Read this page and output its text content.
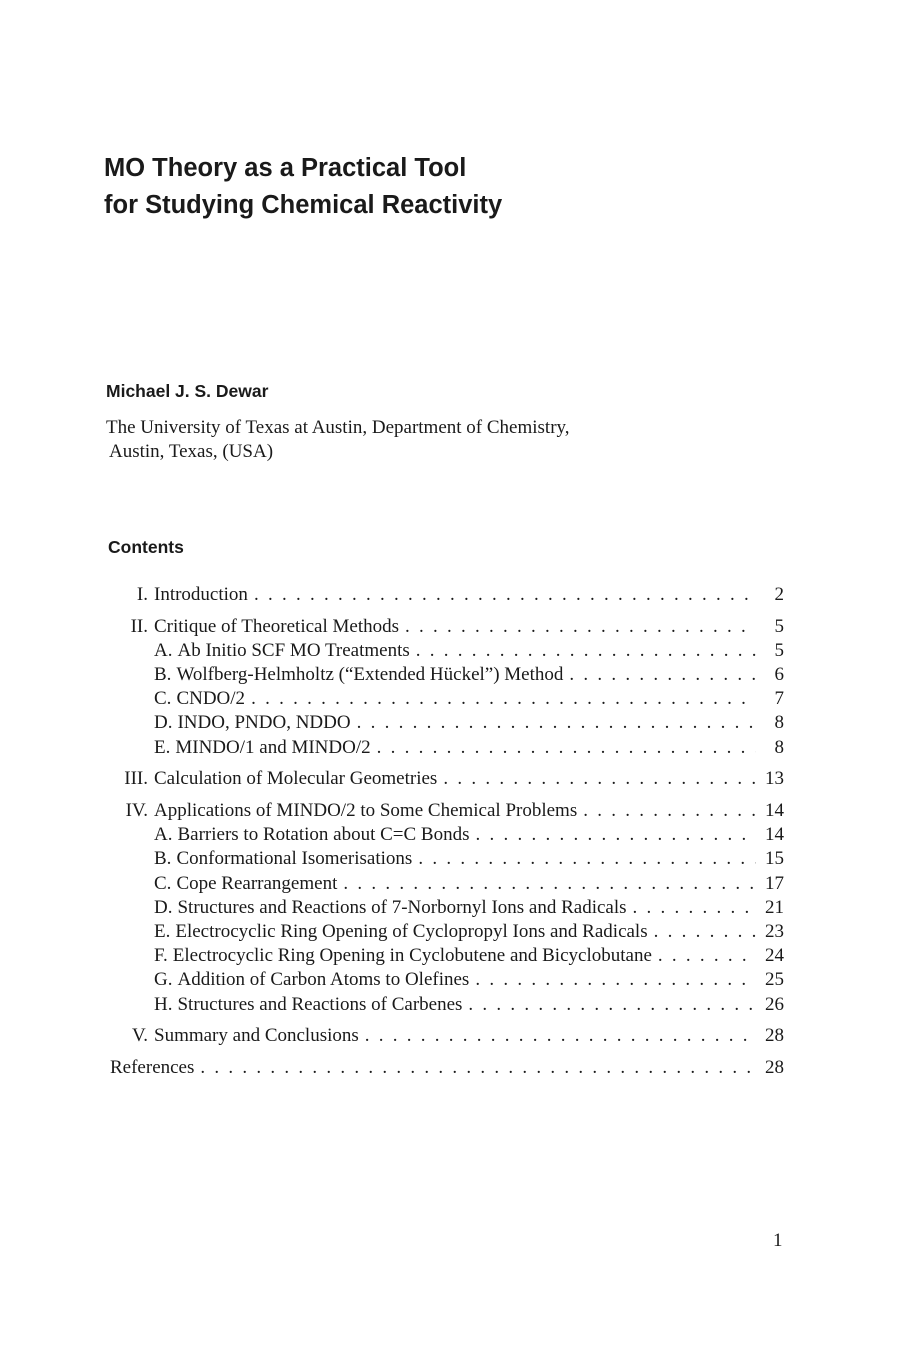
MO Theory as a Practical Tool
for Studying Chemical Reactivity
Michael J. S. Dewar
The University of Texas at Austin, Department of Chemistry,
Austin, Texas, (USA)
Contents
I. Introduction . . .	2
II. Critique of Theoretical Methods . . .	5
A. Ab Initio SCF MO Treatments . . .	5
B. Wolfberg-Helmholtz (“Extended Hückel”) Method . . .	6
C. CNDO/2 . . .	7
D. INDO, PNDO, NDDO . . .	8
E. MINDO/1 and MINDO/2 . . .	8
III. Calculation of Molecular Geometries . . .	13
IV. Applications of MINDO/2 to Some Chemical Problems . . .	14
A. Barriers to Rotation about C=C Bonds . . .	14
B. Conformational Isomerisations . . .	15
C. Cope Rearrangement . . .	17
D. Structures and Reactions of 7-Norbornyl Ions and Radicals . . .	21
E. Electrocyclic Ring Opening of Cyclopropyl Ions and Radicals . . .	23
F. Electrocyclic Ring Opening in Cyclobutene and Bicyclobutane . . .	24
G. Addition of Carbon Atoms to Olefines . . .	25
H. Structures and Reactions of Carbenes . . .	26
V. Summary and Conclusions . . .	28
References . . .	28
1
